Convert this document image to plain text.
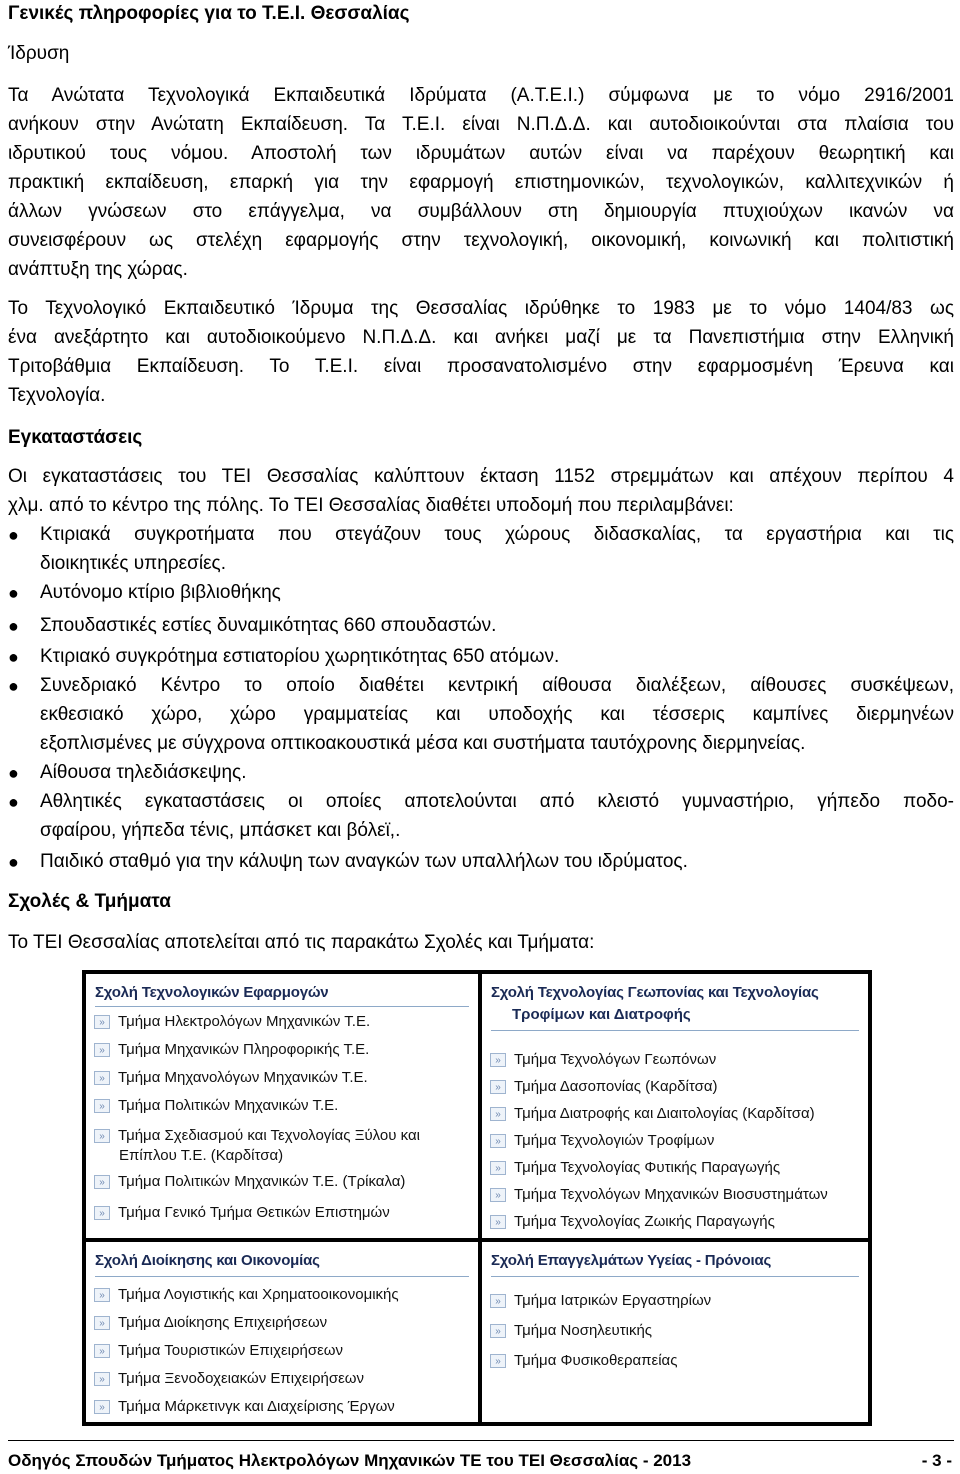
Γενικές πληροφορίες για το Τ.Ε.Ι. Θεσσαλίας
Ίδρυση
Τα Ανώτατα Τεχνολογικά Εκπαιδευτικά Ιδρύματα (Α.Τ.Ε.Ι.) σύμφωνα με το νόμο 2916/2001
ανήκουν στην Ανώτατη Εκπαίδευση. Τα Τ.Ε.Ι. είναι Ν.Π.Δ.Δ. και αυτοδιοικούνται στα πλαίσια του
ιδρυτικού τους νόμου. Αποστολή των ιδρυμάτων αυτών είναι να παρέχουν θεωρητική και
πρακτική εκπαίδευση, επαρκή για την εφαρμογή επιστημονικών, τεχνολογικών, καλλιτεχνικών ή
άλλων γνώσεων στο επάγγελμα, να συμβάλλουν στη δημιουργία πτυχιούχων ικανών να
συνεισφέρουν ως στελέχη εφαρμογής στην τεχνολογική, οικονομική, κοινωνική και πολιτιστική
ανάπτυξη της χώρας.
Το Τεχνολογικό Εκπαιδευτικό Ίδρυμα της Θεσσαλίας ιδρύθηκε το 1983 με το νόμο 1404/83 ως
ένα ανεξάρτητο και αυτοδιοικούμενο Ν.Π.Δ.Δ. και ανήκει μαζί με τα Πανεπιστήμια στην Ελληνική
Τριτοβάθμια Εκπαίδευση. Το Τ.Ε.Ι. είναι προσανατολισμένο στην εφαρμοσμένη Έρευνα και
Τεχνολογία.
Εγκαταστάσεις
Οι εγκαταστάσεις του ΤΕΙ Θεσσαλίας καλύπτουν έκταση 1152 στρεμμάτων και απέχουν περίπου 4
χλμ. από το κέντρο της πόλης. Το ΤΕΙ Θεσσαλίας διαθέτει υποδομή που περιλαμβάνει:
● Κτιριακά συγκροτήματα που στεγάζουν τους χώρους διδασκαλίας, τα εργαστήρια και τις
διοικητικές υπηρεσίες.
● Αυτόνομο κτίριο βιβλιοθήκης
● Σπουδαστικές εστίες δυναμικότητας 660 σπουδαστών.
● Κτιριακό συγκρότημα εστιατορίου χωρητικότητας 650 ατόμων.
● Συνεδριακό Κέντρο το οποίο διαθέτει κεντρική αίθουσα διαλέξεων, αίθουσες συσκέψεων,
εκθεσιακό χώρο, χώρο γραμματείας και υποδοχής και τέσσερις καμπίνες διερμηνέων
εξοπλισμένες με σύγχρονα οπτικοακουστικά μέσα και συστήματα ταυτόχρονης διερμηνείας.
● Αίθουσα τηλεδιάσκεψης.
● Αθλητικές εγκαταστάσεις οι οποίες αποτελούνται από κλειστό γυμναστήριο, γήπεδο ποδο-
σφαίρου, γήπεδα τένις, μπάσκετ και βόλεϊ,.
● Παιδικό σταθμό για την κάλυψη των αναγκών των υπαλλήλων του ιδρύματος.
Σχολές & Τμήματα
Το ΤΕΙ Θεσσαλίας αποτελείται από τις παρακάτω Σχολές και Τμήματα:
Σχολή Τεχνολογικών Εφαρμογών
» Τμήμα Ηλεκτρολόγων Μηχανικών Τ.Ε.
» Τμήμα Μηχανικών Πληροφορικής Τ.Ε.
» Τμήμα Μηχανολόγων Μηχανικών Τ.Ε.
» Τμήμα Πολιτικών Μηχανικών Τ.Ε.
» Τμήμα Σχεδιασμού και Τεχνολογίας Ξύλου και
Επίπλου Τ.Ε. (Καρδίτσα)
» Τμήμα Πολιτικών Μηχανικών Τ.Ε. (Τρίκαλα)
» Τμήμα Γενικό Τμήμα Θετικών Επιστημών
Σχολή Τεχνολογίας Γεωπονίας και Τεχνολογίας
Τροφίμων και Διατροφής
» Τμήμα Τεχνολόγων Γεωπόνων
» Τμήμα Δασοπονίας (Καρδίτσα)
» Τμήμα Διατροφής και Διαιτολογίας (Καρδίτσα)
» Τμήμα Τεχνολογιών Τροφίμων
» Τμήμα Τεχνολογίας Φυτικής Παραγωγής
» Τμήμα Τεχνολόγων Μηχανικών Βιοσυστημάτων
» Τμήμα Τεχνολογίας Ζωικής Παραγωγής
Σχολή Διοίκησης και Οικονομίας
» Τμήμα Λογιστικής και Χρηματοοικονομικής
» Τμήμα Διοίκησης Επιχειρήσεων
» Τμήμα Τουριστικών Επιχειρήσεων
» Τμήμα Ξενοδοχειακών Επιχειρήσεων
» Τμήμα Μάρκετινγκ και Διαχείρισης Έργων
Σχολή Επαγγελμάτων Υγείας - Πρόνοιας
» Τμήμα Ιατρικών Εργαστηρίων
» Τμήμα Νοσηλευτικής
» Τμήμα Φυσικοθεραπείας
Οδηγός Σπουδών Τμήματος Ηλεκτρολόγων Μηχανικών ΤΕ του ΤΕΙ Θεσσαλίας - 2013	- 3 -
